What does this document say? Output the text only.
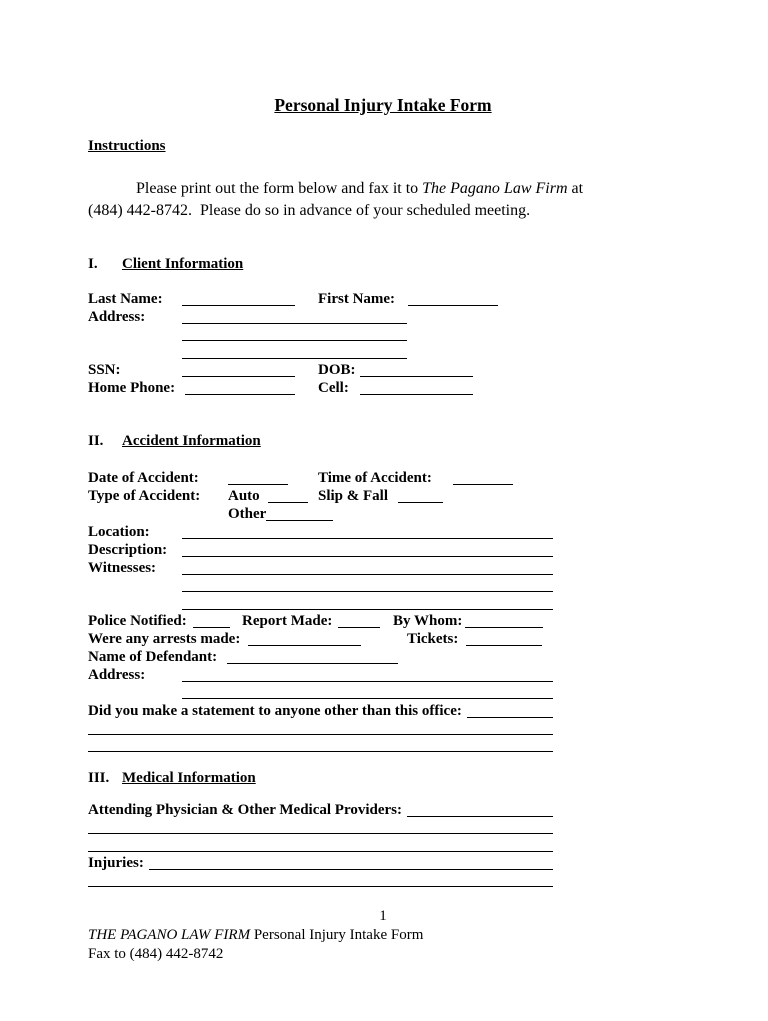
Personal Injury Intake Form
Instructions

Please print out the form below and fax it to The Pagano Law Firm at
(484) 442-8742.  Please do so in advance of your scheduled meeting.

I.	Client Information
Last Name:	First Name:
Address:
SSN:	DOB:
Home Phone:	Cell:
II.	Accident Information
Date of Accident:	Time of Accident:
Type of Accident:	Auto	Slip & Fall
Other
Location:
Description:
Witnesses:
Police Notified:	Report Made:	By Whom:
Were any arrests made:	Tickets:
Name of Defendant:
Address:
Did you make a statement to anyone other than this office:
III. Medical Information
Attending Physician & Other Medical Providers:
Injuries:
1
THE PAGANO LAW FIRM Personal Injury Intake Form
Fax to (484) 442-8742
